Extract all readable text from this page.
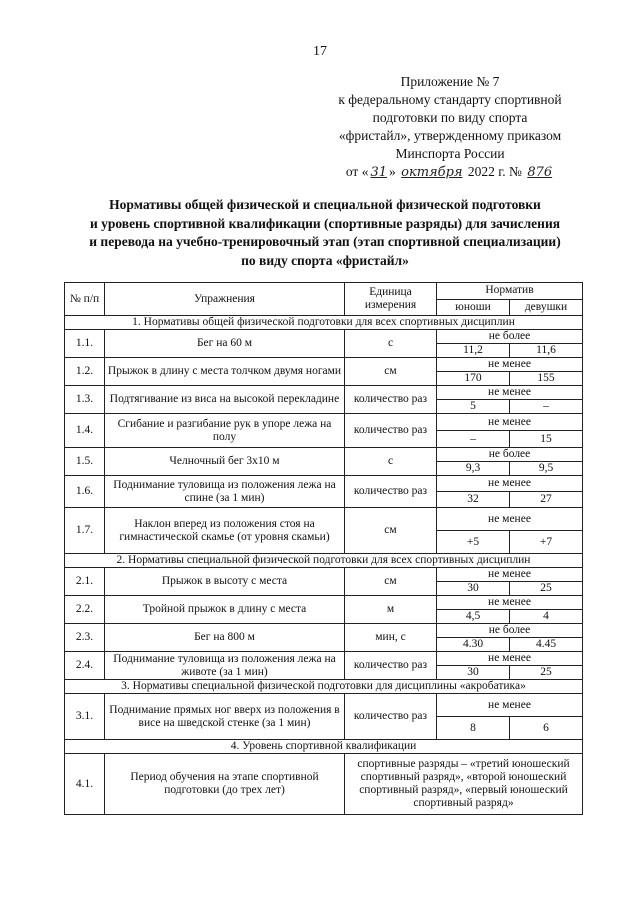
17
Приложение № 7
к федеральному стандарту спортивной
подготовки по виду спорта
«фристайл», утвержденному приказом
Минспорта России
от « 31 » октября 2022 г. № 876
Нормативы общей физической и специальной физической подготовки
и уровень спортивной квалификации (спортивные разряды) для зачисления
и перевода на учебно-тренировочный этап (этап спортивной специализации)
по виду спорта «фристайл»
№ п/п	Упражнения	Единица измерения	Норматив	
			юноши	девушки
1. Нормативы общей физической подготовки для всех спортивных дисциплин				
1.1.	Бег на 60 м	с	не более	
			11,2	11,6
1.2.	Прыжок в длину с места толчком двумя ногами	см	не менее	
			170	155
1.3.	Подтягивание из виса на высокой перекладине	количество раз	не менее	
			5	–
1.4.	Сгибание и разгибание рук в упоре лежа на полу	количество раз	не менее	
			–	15
1.5.	Челночный бег 3х10 м	с	не более	
			9,3	9,5
1.6.	Поднимание туловища из положения лежа на спине (за 1 мин)	количество раз	не менее	
			32	27
1.7.	Наклон вперед из положения стоя на гимнастической скамье (от уровня скамьи)	см	не менее	
			+5	+7
2. Нормативы специальной физической подготовки для всех спортивных дисциплин				
2.1.	Прыжок в высоту с места	см	не менее	
			30	25
2.2.	Тройной прыжок в длину с места	м	не менее	
			4,5	4
2.3.	Бег на 800 м	мин, с	не более	
			4.30	4.45
2.4.	Поднимание туловища из положения лежа на животе (за 1 мин)	количество раз	не менее	
			30	25
3. Нормативы специальной физической подготовки для дисциплины «акробатика»				
3.1.	Поднимание прямых ног вверх из положения в висе на шведской стенке (за 1 мин)	количество раз	не менее	
			8	6
4. Уровень спортивной квалификации				
4.1.	Период обучения на этапе спортивной подготовки (до трех лет)	спортивные разряды – «третий юношеский спортивный разряд», «второй юношеский спортивный разряд», «первый юношеский спортивный разряд»		
